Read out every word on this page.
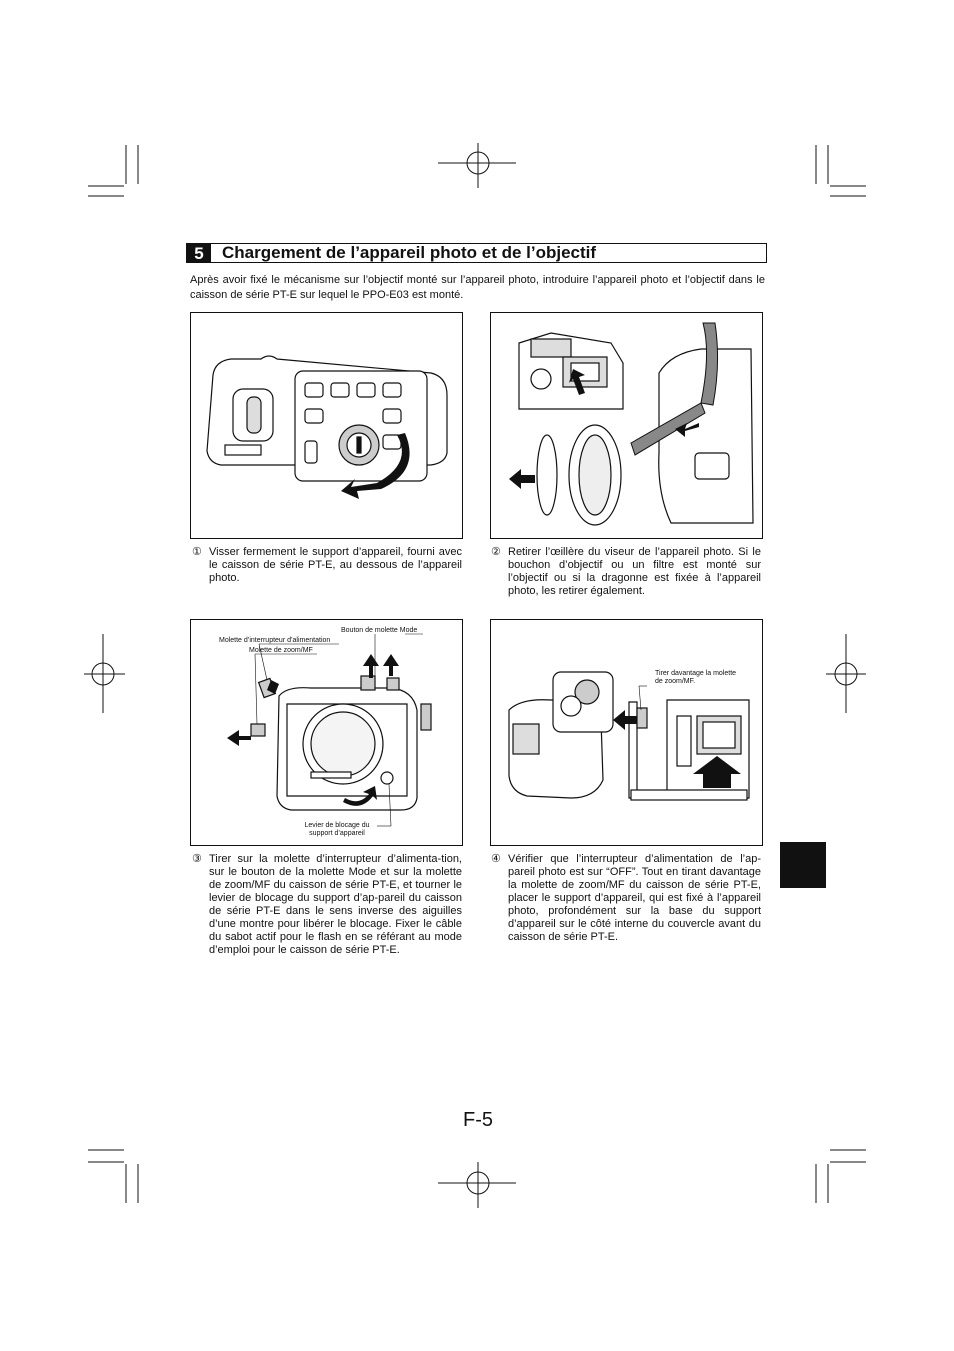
5	Chargement de l’appareil photo et de l’objectif

Après avoir fixé le mécanisme sur l’objectif monté sur l’appareil photo, introduire l’appareil photo et l’objectif dans le caisson de série PT-E sur lequel le PPO-E03 est monté.

① Visser fermement le support d’appareil, fourni avec le caisson de série PT-E, au dessous de l’appareil photo.
② Retirer l’œillère du viseur de l’appareil photo. Si le bouchon d’objectif ou un filtre est monté sur l’objectif ou si la dragonne est fixée à l’appareil photo, les retirer également.
Bouton de molette Mode
Molette d’interrupteur d’alimentation
Molette de zoom/MF
Levier de blocage du support d’appareil
Tirer davantage la molette de zoom/MF.
③ Tirer sur la molette d’interrupteur d’alimenta-tion, sur le bouton de la molette Mode et sur la molette de zoom/MF du caisson de série PT-E, et tourner le levier de blocage du support d’ap-pareil du caisson de série PT-E dans le sens inverse des aiguilles d’une montre pour libérer le blocage. Fixer le câble du sabot actif pour le flash en se référant au mode d’emploi pour le caisson de série PT-E.
④ Vérifier que l’interrupteur d’alimentation de l’ap-pareil photo est sur “OFF”. Tout en tirant davantage la molette de zoom/MF du caisson de série PT-E, placer le support d’appareil, qui est fixé à l’appareil photo, profondément sur la base du support d’appareil sur le côté interne du couvercle avant du caisson de série PT-E.
F-5
